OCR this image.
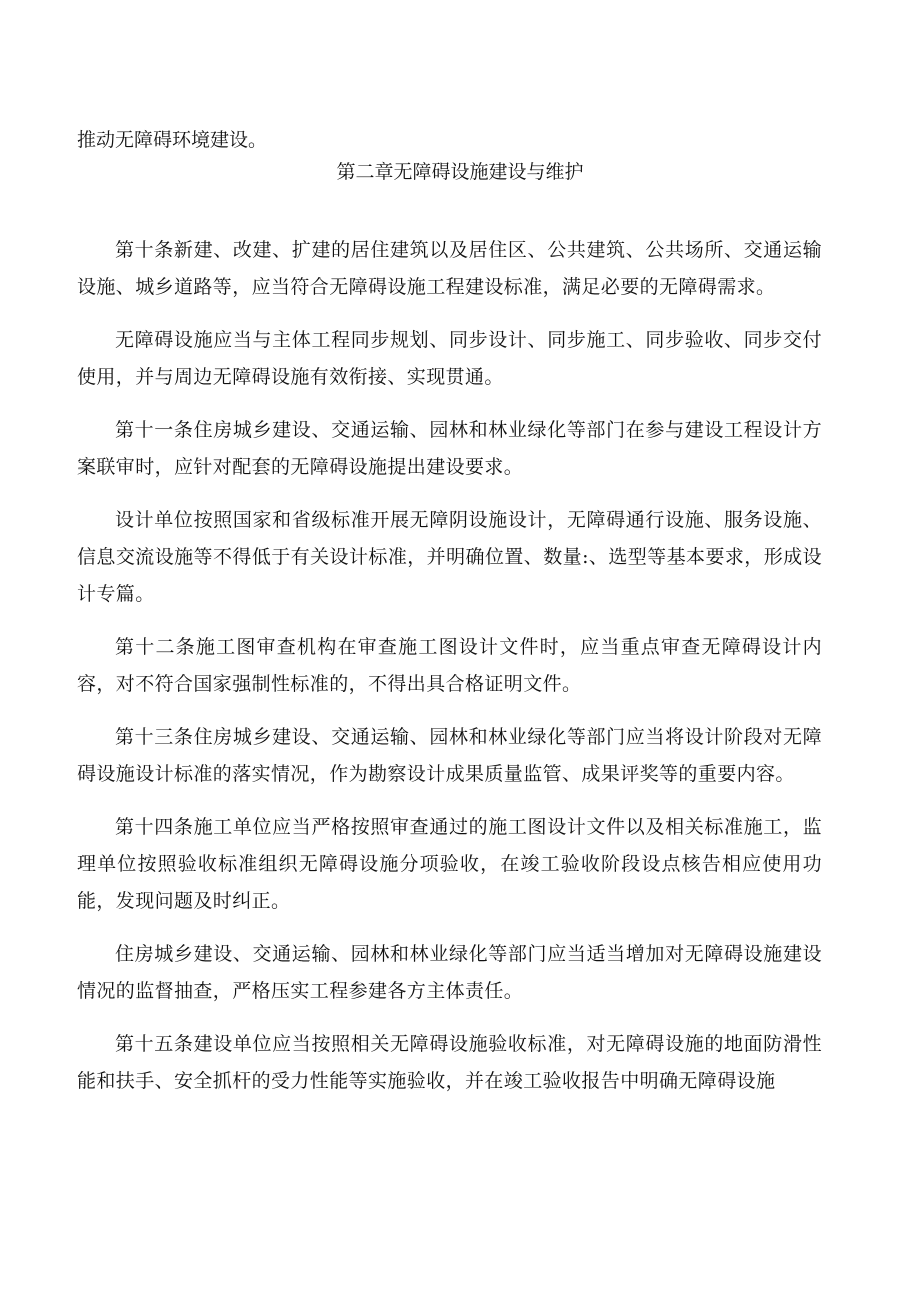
推动无障碍环境建设。

第二章无障碍设施建设与维护

第十条新建、改建、扩建的居住建筑以及居住区、公共建筑、公共场所、交通运输设施、城乡道路等，应当符合无障碍设施工程建设标准，满足必要的无障碍需求。

无障碍设施应当与主体工程同步规划、同步设计、同步施工、同步验收、同步交付使用，并与周边无障碍设施有效衔接、实现贯通。

第十一条住房城乡建设、交通运输、园林和林业绿化等部门在参与建设工程设计方案联审时，应针对配套的无障碍设施提出建设要求。

设计单位按照国家和省级标准开展无障阴设施设计，无障碍通行设施、服务设施、信息交流设施等不得低于有关设计标准，并明确位置、数量:、选型等基本要求，形成设计专篇。

第十二条施工图审查机构在审查施工图设计文件时，应当重点审查无障碍设计内容，对不符合国家强制性标准的，不得出具合格证明文件。

第十三条住房城乡建设、交通运输、园林和林业绿化等部门应当将设计阶段对无障碍设施设计标准的落实情况，作为勘察设计成果质量监管、成果评奖等的重要内容。

第十四条施工单位应当严格按照审查通过的施工图设计文件以及相关标准施工，监理单位按照验收标准组织无障碍设施分项验收，在竣工验收阶段设点核告相应使用功能，发现问题及时纠正。

住房城乡建设、交通运输、园林和林业绿化等部门应当适当增加对无障碍设施建设情况的监督抽查，严格压实工程参建各方主体责任。

第十五条建设单位应当按照相关无障碍设施验收标准，对无障碍设施的地面防滑性能和扶手、安全抓杆的受力性能等实施验收，并在竣工验收报告中明确无障碍设施
